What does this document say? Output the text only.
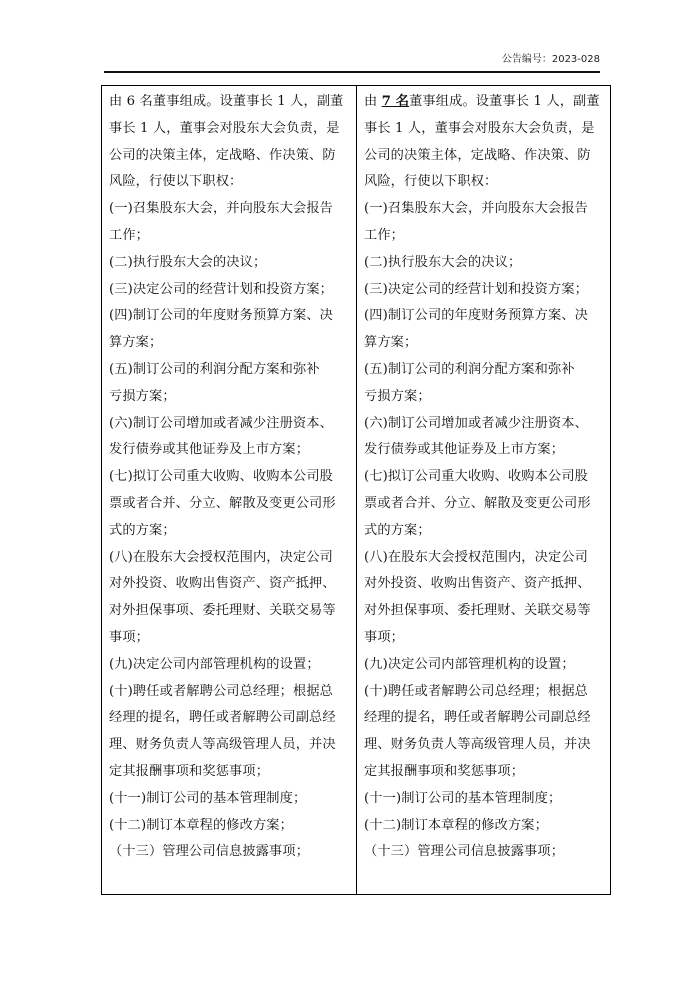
公告编号：2023-028
由 6 名董事组成。设董事长 1 人，副董
事长 1 人，董事会对股东大会负责，是
公司的决策主体，定战略、作决策、防
风险，行使以下职权：
(一)召集股东大会，并向股东大会报告
工作；
(二)执行股东大会的决议；
(三)决定公司的经营计划和投资方案；
(四)制订公司的年度财务预算方案、决
算方案；
(五)制订公司的利润分配方案和弥补
亏损方案；
(六)制订公司增加或者减少注册资本、
发行债券或其他证券及上市方案；
(七)拟订公司重大收购、收购本公司股
票或者合并、分立、解散及变更公司形
式的方案；
(八)在股东大会授权范围内，决定公司
对外投资、收购出售资产、资产抵押、
对外担保事项、委托理财、关联交易等
事项；
(九)决定公司内部管理机构的设置；
(十)聘任或者解聘公司总经理；根据总
经理的提名，聘任或者解聘公司副总经
理、财务负责人等高级管理人员，并决
定其报酬事项和奖惩事项；
(十一)制订公司的基本管理制度；
(十二)制订本章程的修改方案；
（十三）管理公司信息披露事项；
由 7 名董事组成。设董事长 1 人，副董
事长 1 人，董事会对股东大会负责，是
公司的决策主体，定战略、作决策、防
风险，行使以下职权：
(一)召集股东大会，并向股东大会报告
工作；
(二)执行股东大会的决议；
(三)决定公司的经营计划和投资方案；
(四)制订公司的年度财务预算方案、决
算方案；
(五)制订公司的利润分配方案和弥补
亏损方案；
(六)制订公司增加或者减少注册资本、
发行债券或其他证券及上市方案；
(七)拟订公司重大收购、收购本公司股
票或者合并、分立、解散及变更公司形
式的方案；
(八)在股东大会授权范围内，决定公司
对外投资、收购出售资产、资产抵押、
对外担保事项、委托理财、关联交易等
事项；
(九)决定公司内部管理机构的设置；
(十)聘任或者解聘公司总经理；根据总
经理的提名，聘任或者解聘公司副总经
理、财务负责人等高级管理人员，并决
定其报酬事项和奖惩事项；
(十一)制订公司的基本管理制度；
(十二)制订本章程的修改方案；
（十三）管理公司信息披露事项；
